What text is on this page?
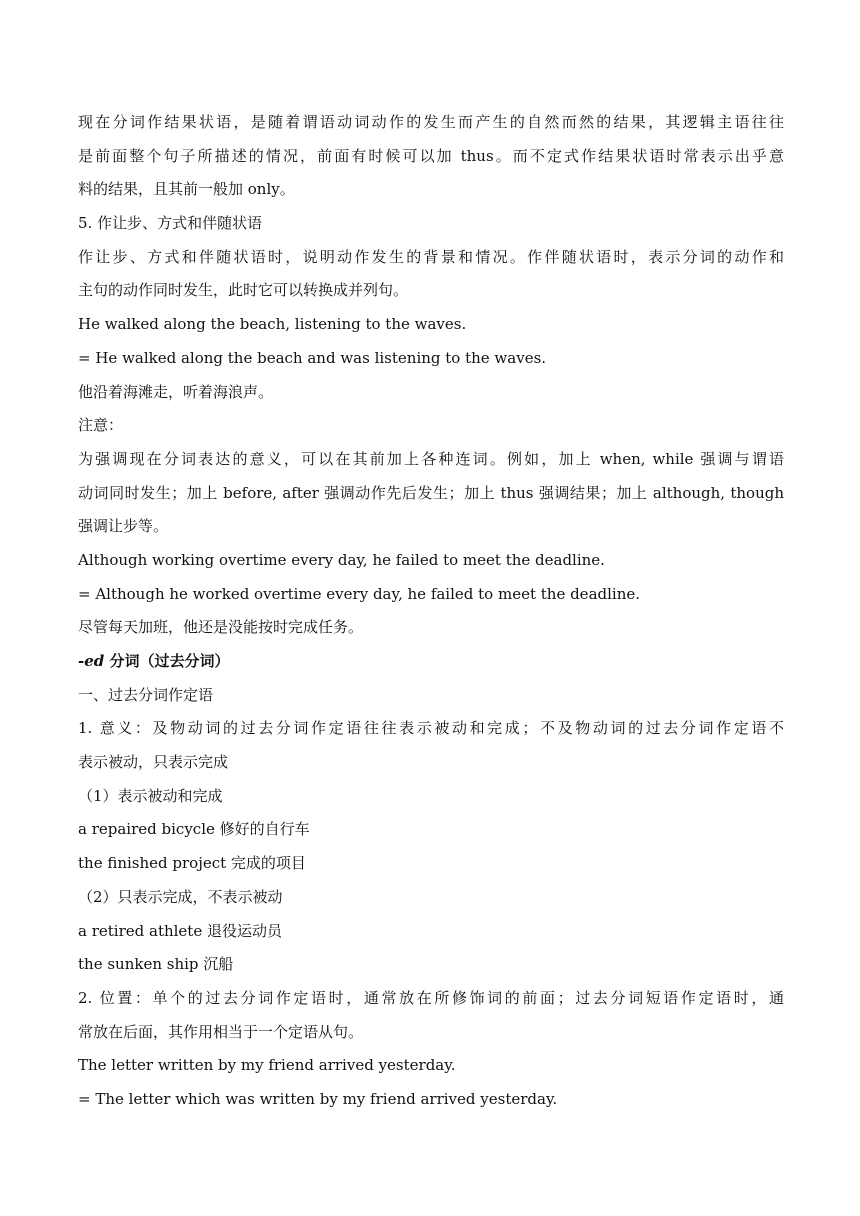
现在分词作结果状语，是随着谓语动词动作的发生而产生的自然而然的结果，其逻辑主语往往
是前面整个句子所描述的情况，前面有时候可以加 thus。而不定式作结果状语时常表示出乎意
料的结果，且其前一般加 only。
5. 作让步、方式和伴随状语
作让步、方式和伴随状语时，说明动作发生的背景和情况。作伴随状语时，表示分词的动作和
主句的动作同时发生，此时它可以转换成并列句。
He walked along the beach, listening to the waves.
= He walked along the beach and was listening to the waves.
他沿着海滩走，听着海浪声。
注意：
为强调现在分词表达的意义，可以在其前加上各种连词。例如，加上 when, while 强调与谓语
动词同时发生；加上 before, after 强调动作先后发生；加上 thus 强调结果；加上 although, though
强调让步等。
Although working overtime every day, he failed to meet the deadline.
= Although he worked overtime every day, he failed to meet the deadline.
尽管每天加班，他还是没能按时完成任务。
-ed 分词（过去分词）
一、过去分词作定语
1. 意义：及物动词的过去分词作定语往往表示被动和完成；不及物动词的过去分词作定语不
表示被动，只表示完成
（1）表示被动和完成
a repaired bicycle 修好的自行车
the finished project 完成的项目
（2）只表示完成，不表示被动
a retired athlete 退役运动员
the sunken ship 沉船
2. 位置：单个的过去分词作定语时，通常放在所修饰词的前面；过去分词短语作定语时，通
常放在后面，其作用相当于一个定语从句。
The letter written by my friend arrived yesterday.
= The letter which was written by my friend arrived yesterday.
